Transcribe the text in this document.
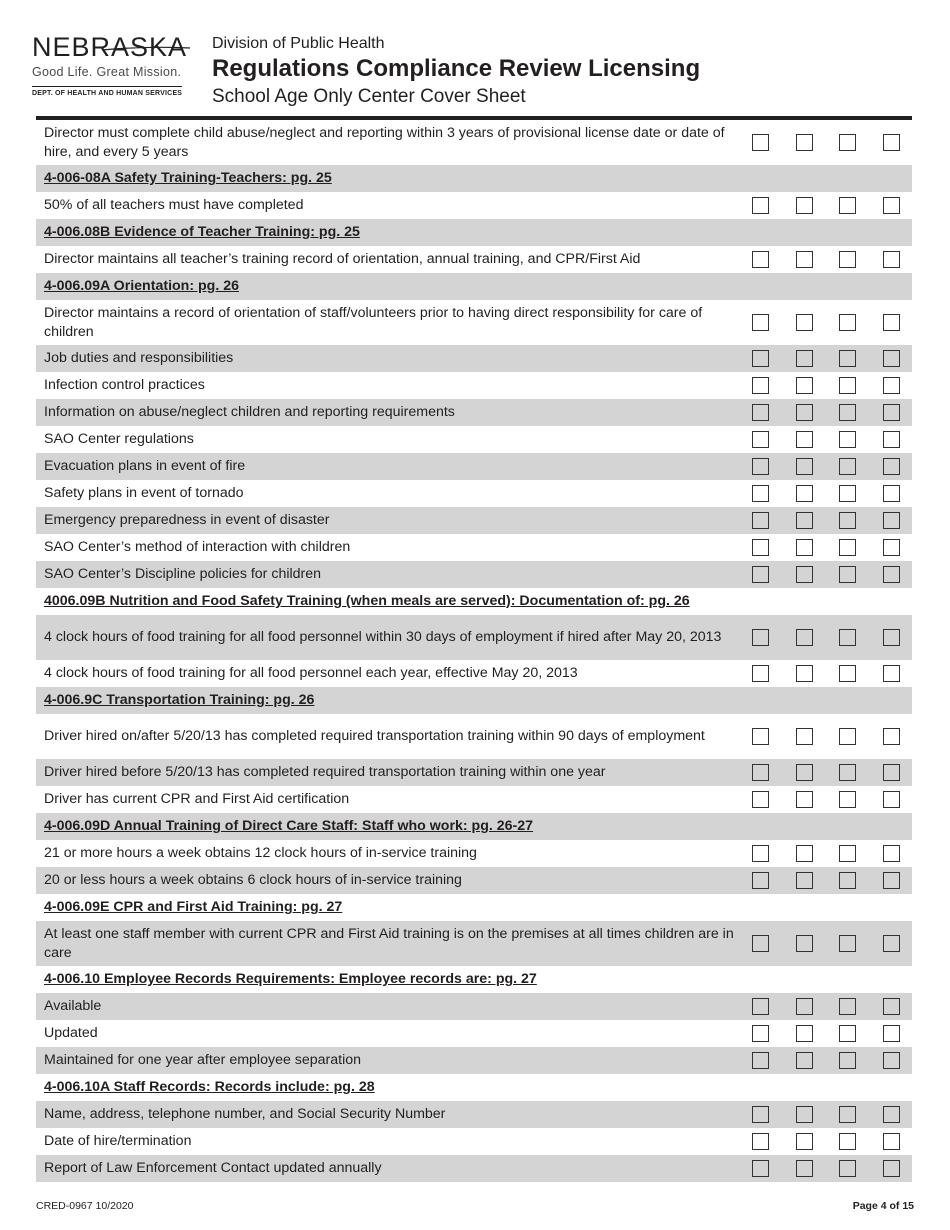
NEBRASKA
Good Life. Great Mission.
DEPT. OF HEALTH AND HUMAN SERVICES
Division of Public Health
Regulations Compliance Review Licensing
School Age Only Center Cover Sheet
Director must complete child abuse/neglect and reporting within 3 years of provisional license date or date of hire, and every 5 years
4-006-08A Safety Training-Teachers: pg. 25
50% of all teachers must have completed
4-006.08B Evidence of Teacher Training: pg. 25
Director maintains all teacher’s training record of orientation, annual training, and CPR/First Aid
4-006.09A Orientation: pg. 26
Director maintains a record of orientation of staff/volunteers prior to having direct responsibility for care of children
Job duties and responsibilities
Infection control practices
Information on abuse/neglect children and reporting requirements
SAO Center regulations
Evacuation plans in event of fire
Safety plans in event of tornado
Emergency preparedness in event of disaster
SAO Center’s method of interaction with children
SAO Center’s Discipline policies for children
4006.09B Nutrition and Food Safety Training (when meals are served): Documentation of: pg. 26
4 clock hours of food training for all food personnel within 30 days of employment if hired after May 20, 2013
4 clock hours of food training for all food personnel each year, effective May 20, 2013
4-006.9C Transportation Training: pg. 26
Driver hired on/after 5/20/13 has completed required transportation training within 90 days of employment
Driver hired before 5/20/13 has completed required transportation training within one year
Driver has current CPR and First Aid certification
4-006.09D Annual Training of Direct Care Staff: Staff who work: pg. 26-27
21 or more hours a week obtains 12 clock hours of in-service training
20 or less hours a week obtains 6 clock hours of in-service training
4-006.09E CPR and First Aid Training: pg. 27
At least one staff member with current CPR and First Aid training is on the premises at all times children are in care
4-006.10 Employee Records Requirements: Employee records are: pg. 27
Available
Updated
Maintained for one year after employee separation
4-006.10A Staff Records: Records include: pg. 28
Name, address, telephone number, and Social Security Number
Date of hire/termination
Report of Law Enforcement Contact updated annually
CRED-0967 10/2020	Page 4 of 15
